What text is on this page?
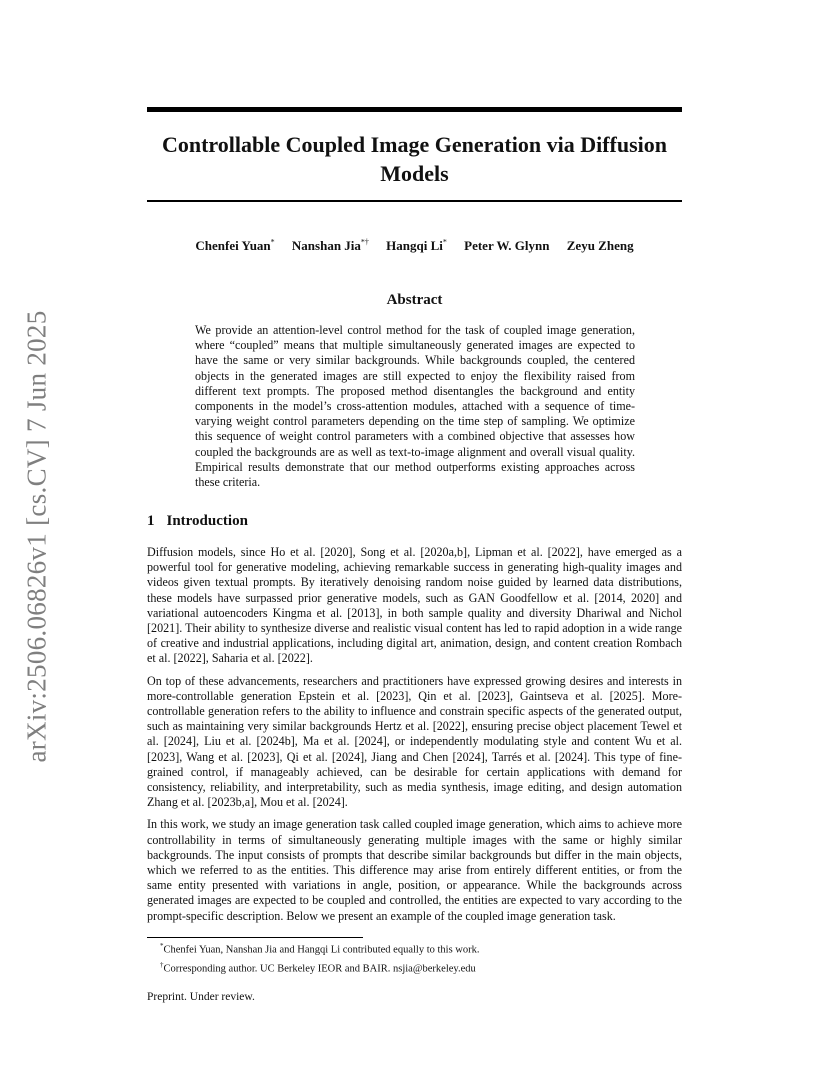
arXiv:2506.06826v1 [cs.CV] 7 Jun 2025
Controllable Coupled Image Generation via Diffusion Models
Chenfei Yuan* Nanshan Jia*† Hangqi Li* Peter W. Glynn Zeyu Zheng
Abstract
We provide an attention-level control method for the task of coupled image generation, where “coupled” means that multiple simultaneously generated images are expected to have the same or very similar backgrounds. While backgrounds coupled, the centered objects in the generated images are still expected to enjoy the flexibility raised from different text prompts. The proposed method disentangles the background and entity components in the model’s cross-attention modules, attached with a sequence of time-varying weight control parameters depending on the time step of sampling. We optimize this sequence of weight control parameters with a combined objective that assesses how coupled the backgrounds are as well as text-to-image alignment and overall visual quality. Empirical results demonstrate that our method outperforms existing approaches across these criteria.
1 Introduction

Diffusion models, since Ho et al. [2020], Song et al. [2020a,b], Lipman et al. [2022], have emerged as a powerful tool for generative modeling, achieving remarkable success in generating high-quality images and videos given textual prompts. By iteratively denoising random noise guided by learned data distributions, these models have surpassed prior generative models, such as GAN Goodfellow et al. [2014, 2020] and variational autoencoders Kingma et al. [2013], in both sample quality and diversity Dhariwal and Nichol [2021]. Their ability to synthesize diverse and realistic visual content has led to rapid adoption in a wide range of creative and industrial applications, including digital art, animation, design, and content creation Rombach et al. [2022], Saharia et al. [2022].

On top of these advancements, researchers and practitioners have expressed growing desires and interests in more-controllable generation Epstein et al. [2023], Qin et al. [2023], Gaintseva et al. [2025]. More-controllable generation refers to the ability to influence and constrain specific aspects of the generated output, such as maintaining very similar backgrounds Hertz et al. [2022], ensuring precise object placement Tewel et al. [2024], Liu et al. [2024b], Ma et al. [2024], or independently modulating style and content Wu et al. [2023], Wang et al. [2023], Qi et al. [2024], Jiang and Chen [2024], Tarrés et al. [2024]. This type of fine-grained control, if manageably achieved, can be desirable for certain applications with demand for consistency, reliability, and interpretability, such as media synthesis, image editing, and design automation Zhang et al. [2023b,a], Mou et al. [2024].

In this work, we study an image generation task called coupled image generation, which aims to achieve more controllability in terms of simultaneously generating multiple images with the same or highly similar backgrounds. The input consists of prompts that describe similar backgrounds but differ in the main objects, which we referred to as the entities. This difference may arise from entirely different entities, or from the same entity presented with variations in angle, position, or appearance. While the backgrounds across generated images are expected to be coupled and controlled, the entities are expected to vary according to the prompt-specific description. Below we present an example of the coupled image generation task.

*Chenfei Yuan, Nanshan Jia and Hangqi Li contributed equally to this work.
†Corresponding author. UC Berkeley IEOR and BAIR. nsjia@berkeley.edu
Preprint. Under review.
